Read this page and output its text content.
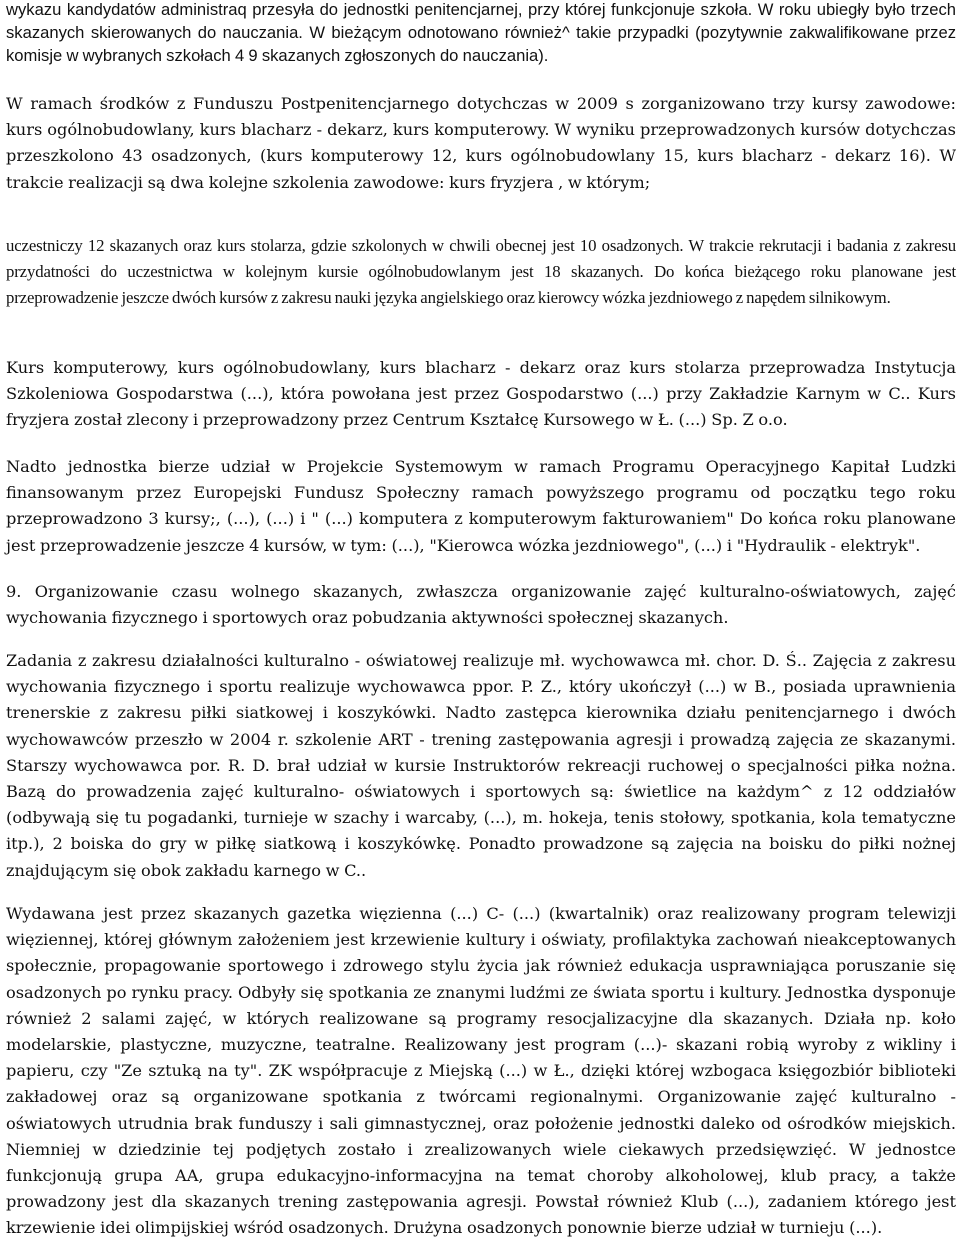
wykazu kandydatów administraq przesyła do jednostki penitencjarnej, przy której funkcjonuje szkoła. W roku ubiegły było trzech skazanych skierowanych do nauczania. W bieżącym odnotowano również^ takie przypadki (pozytywnie zakwalifikowane przez komisje w wybranych szkołach 4 9 skazanych zgłoszonych do nauczania).

W ramach środków z Funduszu Postpenitencjarnego dotychczas w 2009 s zorganizowano trzy kursy zawodowe: kurs ogólnobudowlany, kurs blacharz - dekarz, kurs komputerowy. W wyniku przeprowadzonych kursów dotychczas przeszkolono 43 osadzonych, (kurs komputerowy 12, kurs ogólnobudowlany 15, kurs blacharz - dekarz 16). W trakcie realizacji są dwa kolejne szkolenia zawodowe: kurs fryzjera , w którym;

uczestniczy 12 skazanych oraz kurs stolarza, gdzie szkolonych w chwili obecnej jest 10 osadzonych. W trakcie rekrutacji i badania z zakresu przydatności do uczestnictwa w kolejnym kursie ogólnobudowlanym jest 18 skazanych. Do końca bieżącego roku planowane jest przeprowadzenie jeszcze dwóch kursów z zakresu nauki języka angielskiego oraz kierowcy wózka jezdniowego z napędem silnikowym.

Kurs komputerowy, kurs ogólnobudowlany, kurs blacharz - dekarz oraz kurs stolarza przeprowadza Instytucja Szkoleniowa Gospodarstwa (...), która powołana jest przez Gospodarstwo (...) przy Zakładzie Karnym w C.. Kurs fryzjera został zlecony i przeprowadzony przez Centrum Kształcę Kursowego w Ł. (...) Sp. Z o.o.

Nadto jednostka bierze udział w Projekcie Systemowym w ramach Programu Operacyjnego Kapitał Ludzki finansowanym przez Europejski Fundusz Społeczny ramach powyższego programu od początku tego roku przeprowadzono 3 kursy;, (...), (...) i " (...) komputera z komputerowym fakturowaniem" Do końca roku planowane jest przeprowadzenie jeszcze 4 kursów, w tym: (...), "Kierowca wózka jezdniowego", (...) i "Hydraulik - elektryk".

9. Organizowanie czasu wolnego skazanych, zwłaszcza organizowanie zajęć kulturalno-oświatowych, zajęć wychowania fizycznego i sportowych oraz pobudzania aktywności społecznej skazanych.

Zadania z zakresu działalności kulturalno - oświatowej realizuje mł. wychowawca mł. chor. D. Ś.. Zajęcia z zakresu wychowania fizycznego i sportu realizuje wychowawca ppor. P. Z., który ukończył (...) w B., posiada uprawnienia trenerskie z zakresu piłki siatkowej i koszykówki. Nadto zastępca kierownika działu penitencjarnego i dwóch wychowawców przeszło w 2004 r. szkolenie ART - trening zastępowania agresji i prowadzą zajęcia ze skazanymi. Starszy wychowawca por. R. D. brał udział w kursie Instruktorów rekreacji ruchowej o specjalności piłka nożna. Bazą do prowadzenia zajęć kulturalno- oświatowych i sportowych są: świetlice na każdym^ z 12 oddziałów (odbywają się tu pogadanki, turnieje w szachy i warcaby, (...), m. hokeja, tenis stołowy, spotkania, kola tematyczne itp.), 2 boiska do gry w piłkę siatkową i koszykówkę. Ponadto prowadzone są zajęcia na boisku do piłki nożnej znajdującym się obok zakładu karnego w C..

Wydawana jest przez skazanych gazetka więzienna (...) C- (...) (kwartalnik) oraz realizowany program telewizji więziennej, której głównym założeniem jest krzewienie kultury i oświaty, profilaktyka zachowań nieakceptowanych społecznie, propagowanie sportowego i zdrowego stylu życia jak również edukacja usprawniająca poruszanie się osadzonych po rynku pracy. Odbyły się spotkania ze znanymi ludźmi ze świata sportu i kultury. Jednostka dysponuje również 2 salami zajęć, w których realizowane są programy resocjalizacyjne dla skazanych. Działa np. koło modelarskie, plastyczne, muzyczne, teatralne. Realizowany jest program (...)- skazani robią wyroby z wikliny i papieru, czy "Ze sztuką na ty". ZK współpracuje z Miejską (...) w Ł., dzięki której wzbogaca księgozbiór biblioteki zakładowej oraz są organizowane spotkania z twórcami regionalnymi. Organizowanie zajęć kulturalno - oświatowych utrudnia brak funduszy i sali gimnastycznej, oraz położenie jednostki daleko od ośrodków miejskich. Niemniej w dziedzinie tej podjętych zostało i zrealizowanych wiele ciekawych przedsięwzięć. W jednostce funkcjonują grupa AA, grupa edukacyjno-informacyjna na temat choroby alkoholowej, klub pracy, a także prowadzony jest dla skazanych trening zastępowania agresji. Powstał również Klub (...), zadaniem którego jest krzewienie idei olimpijskiej wśród osadzonych. Drużyna osadzonych ponownie bierze udział w turnieju (...).
